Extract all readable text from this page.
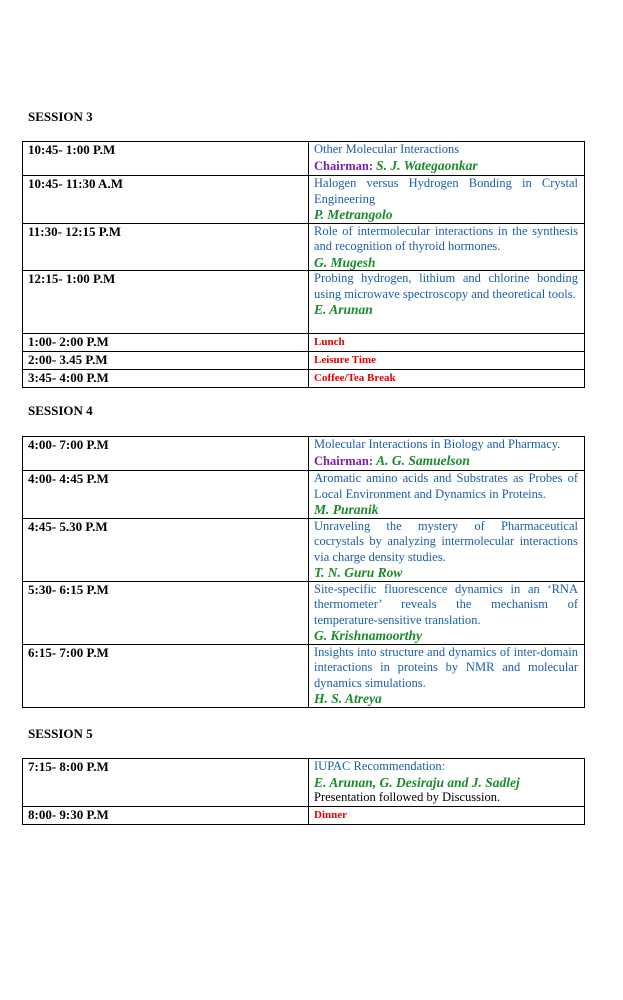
SESSION 3
10:45- 1:00 P.M	Other Molecular Interactions
Chairman: S. J. Wategaonkar
10:45- 11:30 A.M	Halogen versus Hydrogen Bonding in Crystal Engineering
P. Metrangolo

11:30- 12:15 P.M	Role of intermolecular interactions in the synthesis and recognition of thyroid hormones.
G. Mugesh

12:15- 1:00 P.M	Probing hydrogen, lithium and chlorine bonding using microwave spectroscopy and theoretical tools.
E. Arunan

1:00- 2:00 P.M	Lunch
2:00- 3.45 P.M	Leisure Time
3:45- 4:00 P.M	Coffee/Tea Break
SESSION 4
4:00- 7:00 P.M	Molecular Interactions in Biology and Pharmacy.
Chairman: A. G. Samuelson
4:00- 4:45 P.M	Aromatic amino acids and Substrates as Probes of Local Environment and Dynamics in Proteins.
M. Puranik

4:45- 5.30 P.M	Unraveling the mystery of Pharmaceutical cocrystals by analyzing intermolecular interactions via charge density studies.
T. N. Guru Row

5:30- 6:15 P.M	Site-specific fluorescence dynamics in an ‘RNA thermometer’ reveals the mechanism of temperature-sensitive translation.
G. Krishnamoorthy

6:15- 7:00 P.M	Insights into structure and dynamics of inter-domain interactions in proteins by NMR and molecular dynamics simulations.
H. S. Atreya
SESSION 5
7:15- 8:00 P.M	IUPAC Recommendation:
E. Arunan, G. Desiraju and J. Sadlej
Presentation followed by Discussion.
8:00- 9:30 P.M	Dinner
